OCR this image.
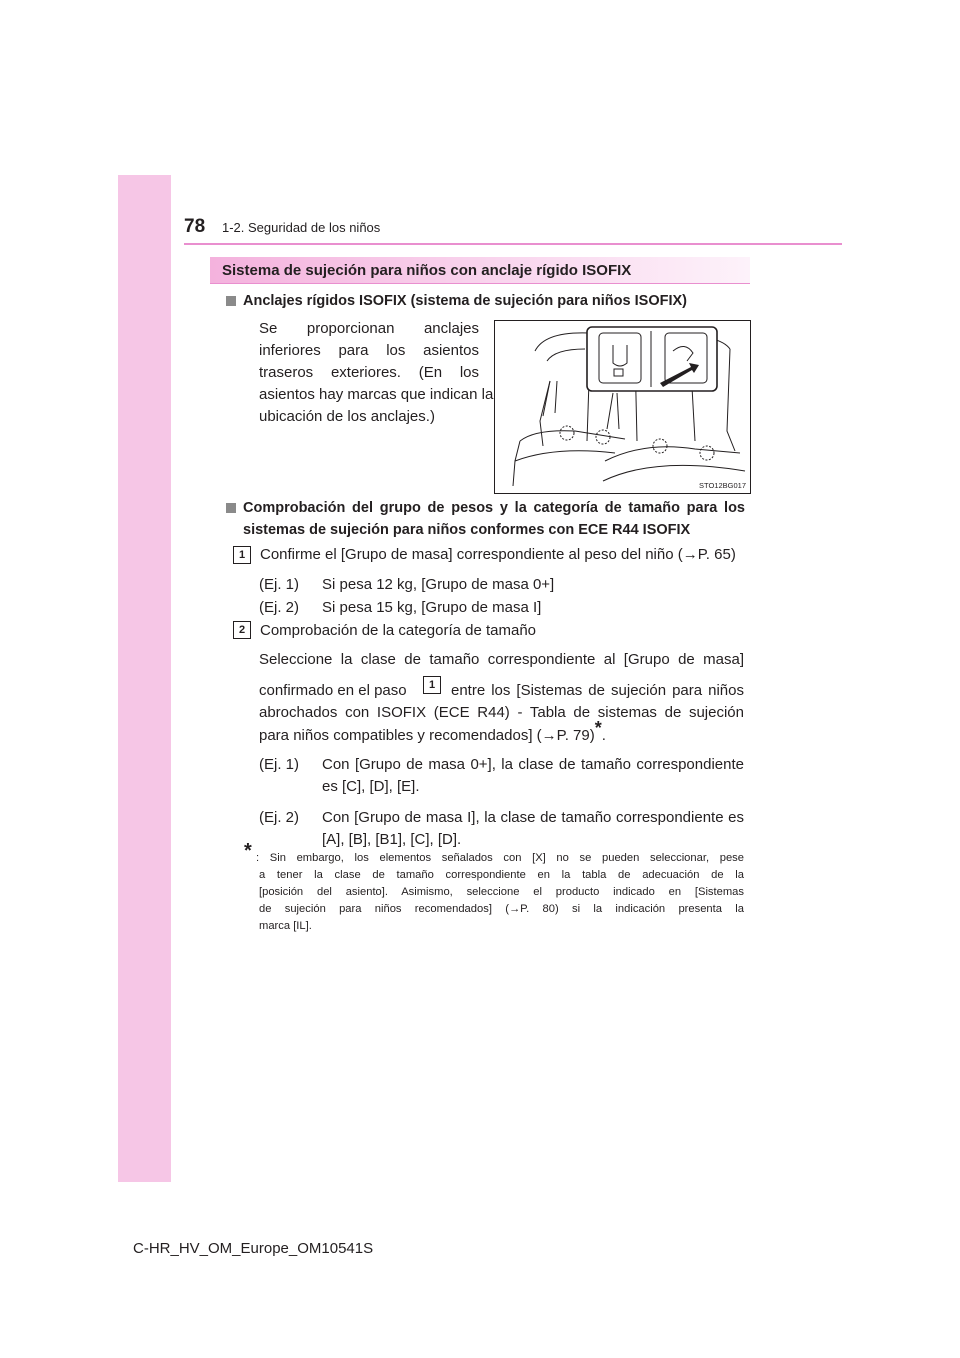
78 1-2. Seguridad de los niños
Sistema de sujeción para niños con anclaje rígido ISOFIX
Anclajes rígidos ISOFIX (sistema de sujeción para niños ISOFIX)
Se proporcionan anclajes
inferiores para los asientos
traseros exteriores. (En los
asientos hay marcas que indican la
ubicación de los anclajes.)
STO12BG017
Comprobación del grupo de pesos y la categoría de tamaño para los
sistemas de sujeción para niños conformes con ECE R44 ISOFIX
1 Confirme el [Grupo de masa] correspondiente al peso del niño (→P. 65)
(Ej. 1) Si pesa 12 kg, [Grupo de masa 0+]
(Ej. 2) Si pesa 15 kg, [Grupo de masa I]
2 Comprobación de la categoría de tamaño
Seleccione la clase de tamaño correspondiente al [Grupo de masa]
confirmado en el paso	1	entre los [Sistemas de sujeción para niños
abrochados con ISOFIX (ECE R44) - Tabla de sistemas de sujeción
para niños compatibles y recomendados] (→P. 79)*.
(Ej. 1) Con [Grupo de masa 0+], la clase de tamaño correspondiente
es [C], [D], [E].
(Ej. 2) Con [Grupo de masa I], la clase de tamaño correspondiente es
[A], [B], [B1], [C], [D].
* : Sin embargo, los elementos señalados con [X] no se pueden seleccionar, pese
a tener la clase de tamaño correspondiente en la tabla de adecuación de la
[posición del asiento]. Asimismo, seleccione el producto indicado en [Sistemas
de sujeción para niños recomendados] (→P. 80) si la indicación presenta la
marca [IL].
C-HR_HV_OM_Europe_OM10541S
